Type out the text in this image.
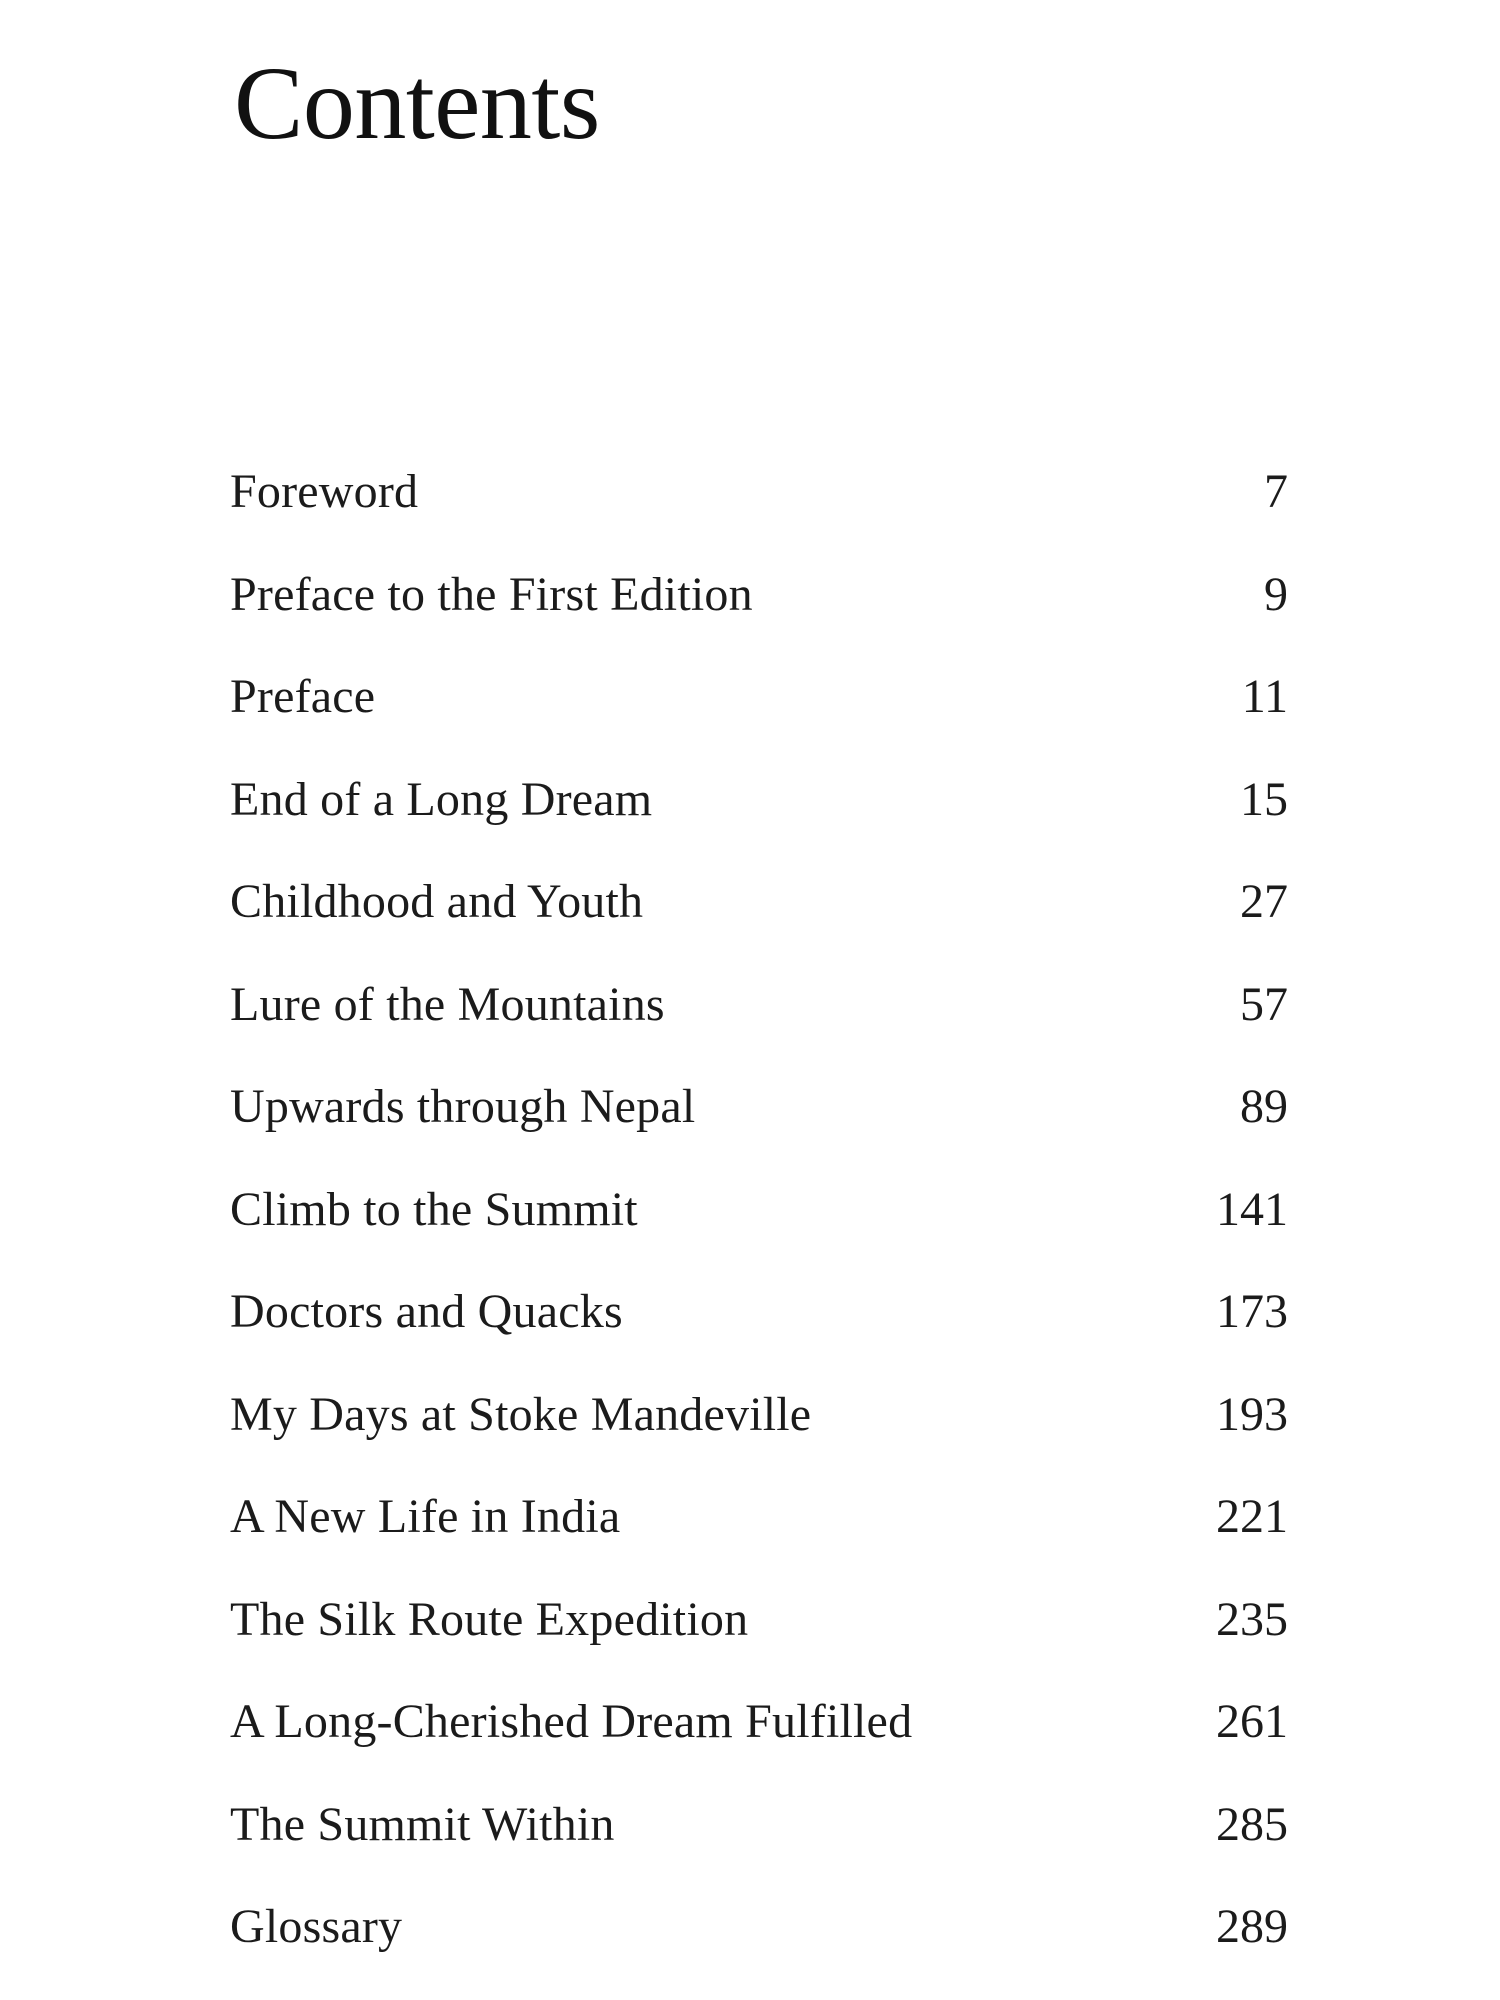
Contents
Foreword	7
Preface to the First Edition	9
Preface	11
End of a Long Dream	15
Childhood and Youth	27
Lure of the Mountains	57
Upwards through Nepal	89
Climb to the Summit	141
Doctors and Quacks	173
My Days at Stoke Mandeville	193
A New Life in India	221
The Silk Route Expedition	235
A Long-Cherished Dream Fulfilled	261
The Summit Within	285
Glossary	289
